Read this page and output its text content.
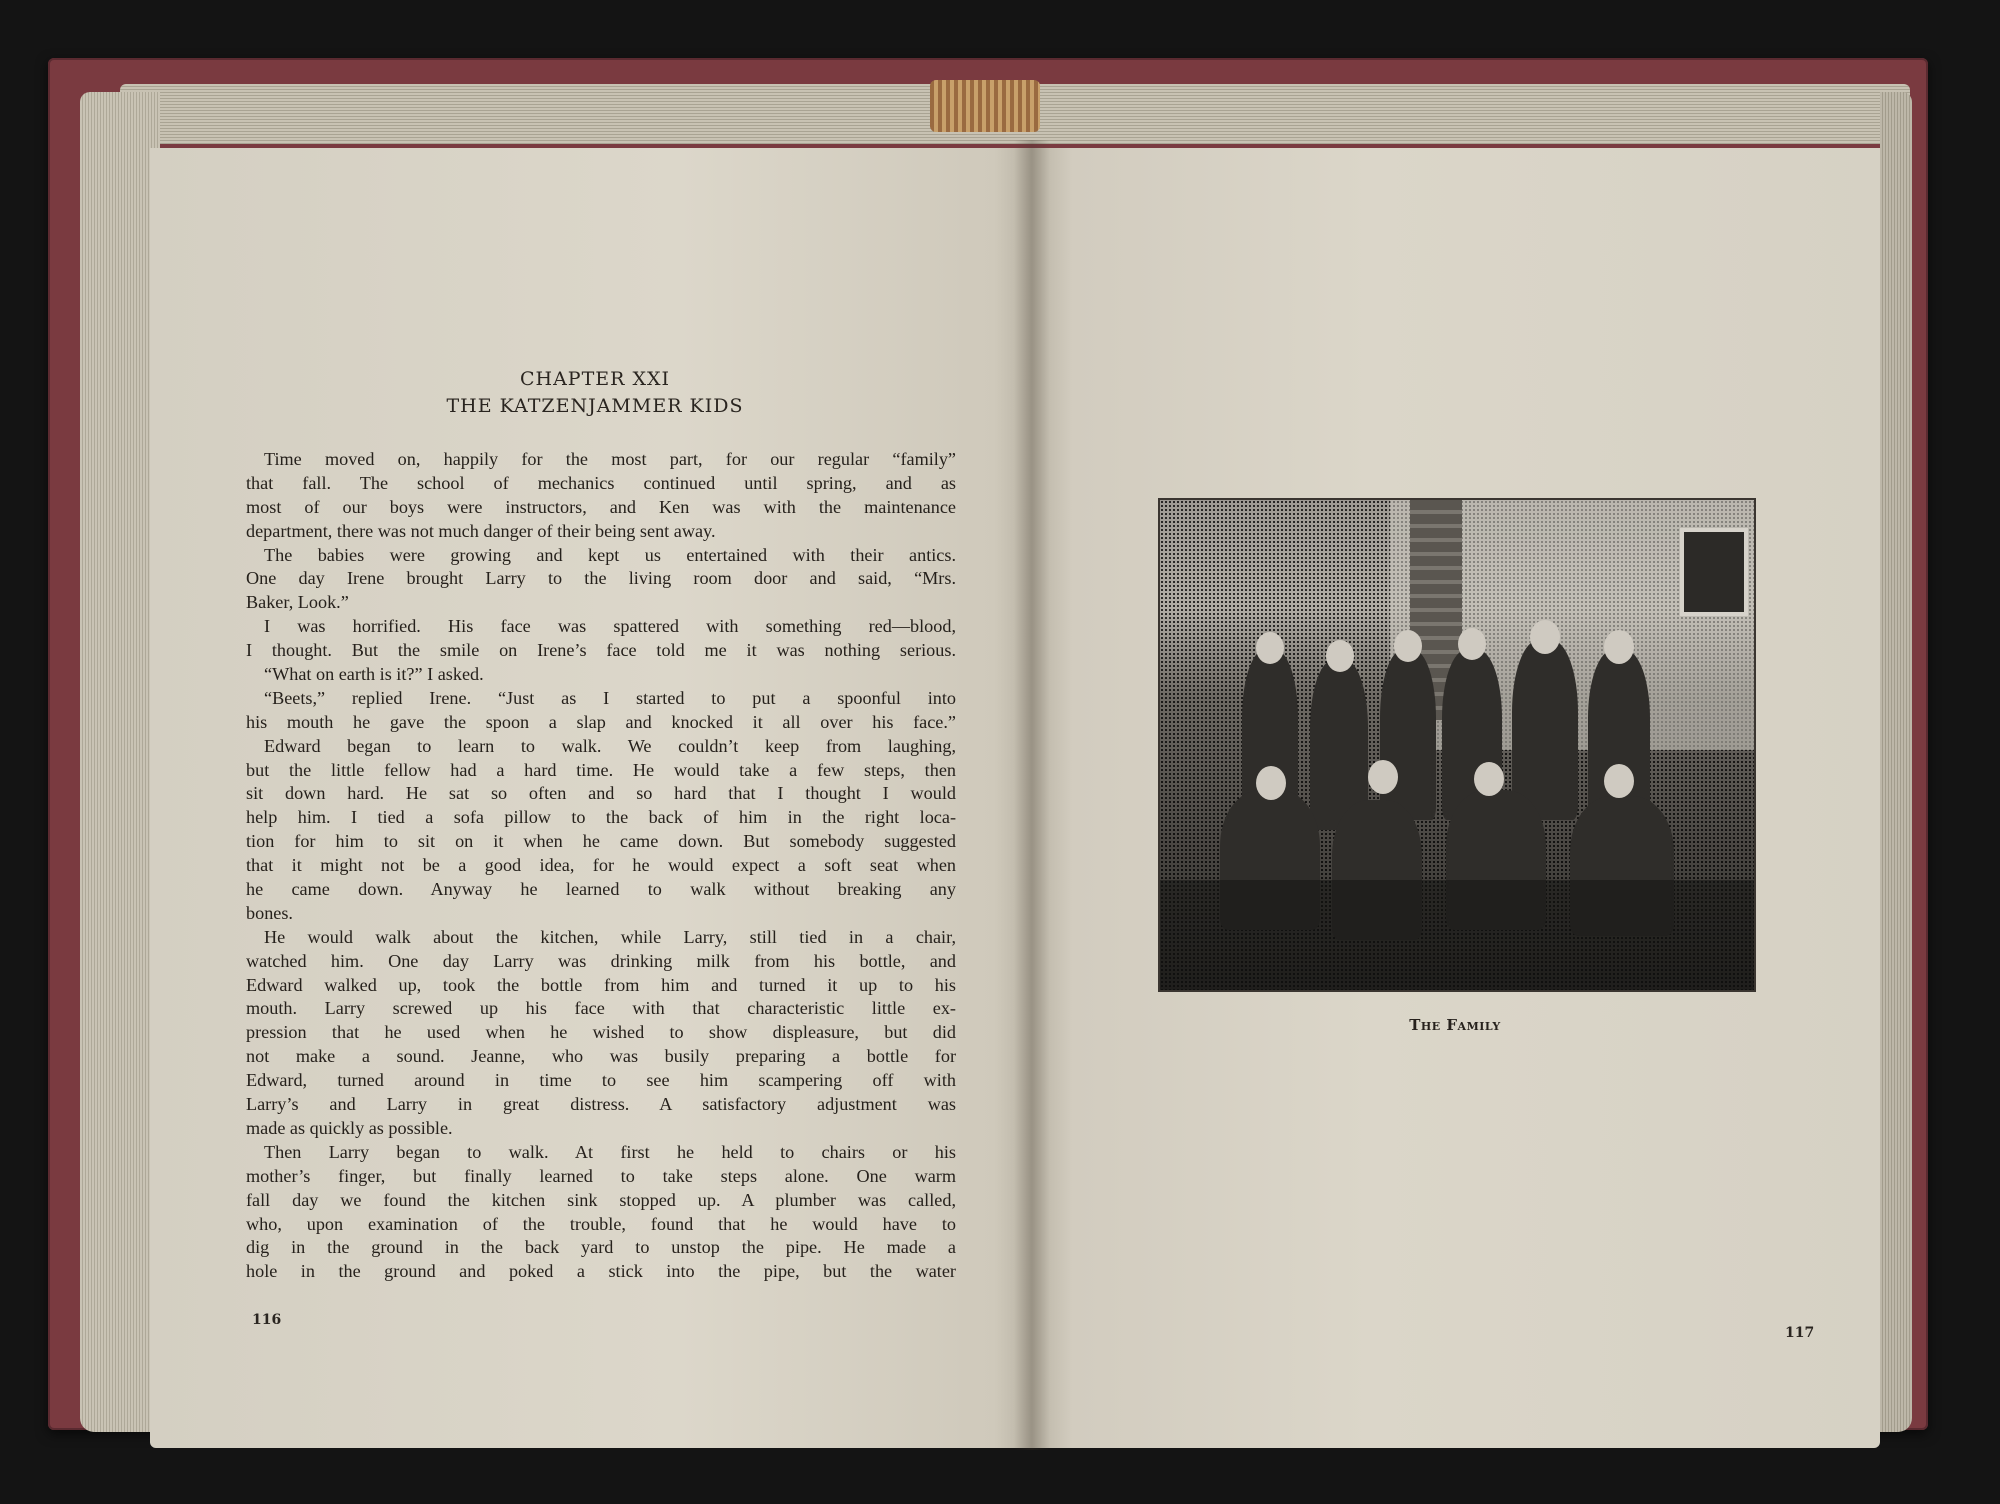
CHAPTER XXI
THE KATZENJAMMER KIDS
Time moved on, happily for the most part, for our regular “family”
that fall. The school of mechanics continued until spring, and as
most of our boys were instructors, and Ken was with the maintenance
department, there was not much danger of their being sent away.
The babies were growing and kept us entertained with their antics.
One day Irene brought Larry to the living room door and said, “Mrs.
Baker, Look.”
I was horrified. His face was spattered with something red—blood,
I thought. But the smile on Irene’s face told me it was nothing serious.
“What on earth is it?” I asked.
“Beets,” replied Irene. “Just as I started to put a spoonful into
his mouth he gave the spoon a slap and knocked it all over his face.”
Edward began to learn to walk. We couldn’t keep from laughing,
but the little fellow had a hard time. He would take a few steps, then
sit down hard. He sat so often and so hard that I thought I would
help him. I tied a sofa pillow to the back of him in the right loca-
tion for him to sit on it when he came down. But somebody suggested
that it might not be a good idea, for he would expect a soft seat when
he came down. Anyway he learned to walk without breaking any
bones.
He would walk about the kitchen, while Larry, still tied in a chair,
watched him. One day Larry was drinking milk from his bottle, and
Edward walked up, took the bottle from him and turned it up to his
mouth. Larry screwed up his face with that characteristic little ex-
pression that he used when he wished to show displeasure, but did
not make a sound. Jeanne, who was busily preparing a bottle for
Edward, turned around in time to see him scampering off with
Larry’s and Larry in great distress. A satisfactory adjustment was
made as quickly as possible.
Then Larry began to walk. At first he held to chairs or his
mother’s finger, but finally learned to take steps alone. One warm
fall day we found the kitchen sink stopped up. A plumber was called,
who, upon examination of the trouble, found that he would have to
dig in the ground in the back yard to unstop the pipe. He made a
hole in the ground and poked a stick into the pipe, but the water
116
The Family
117
